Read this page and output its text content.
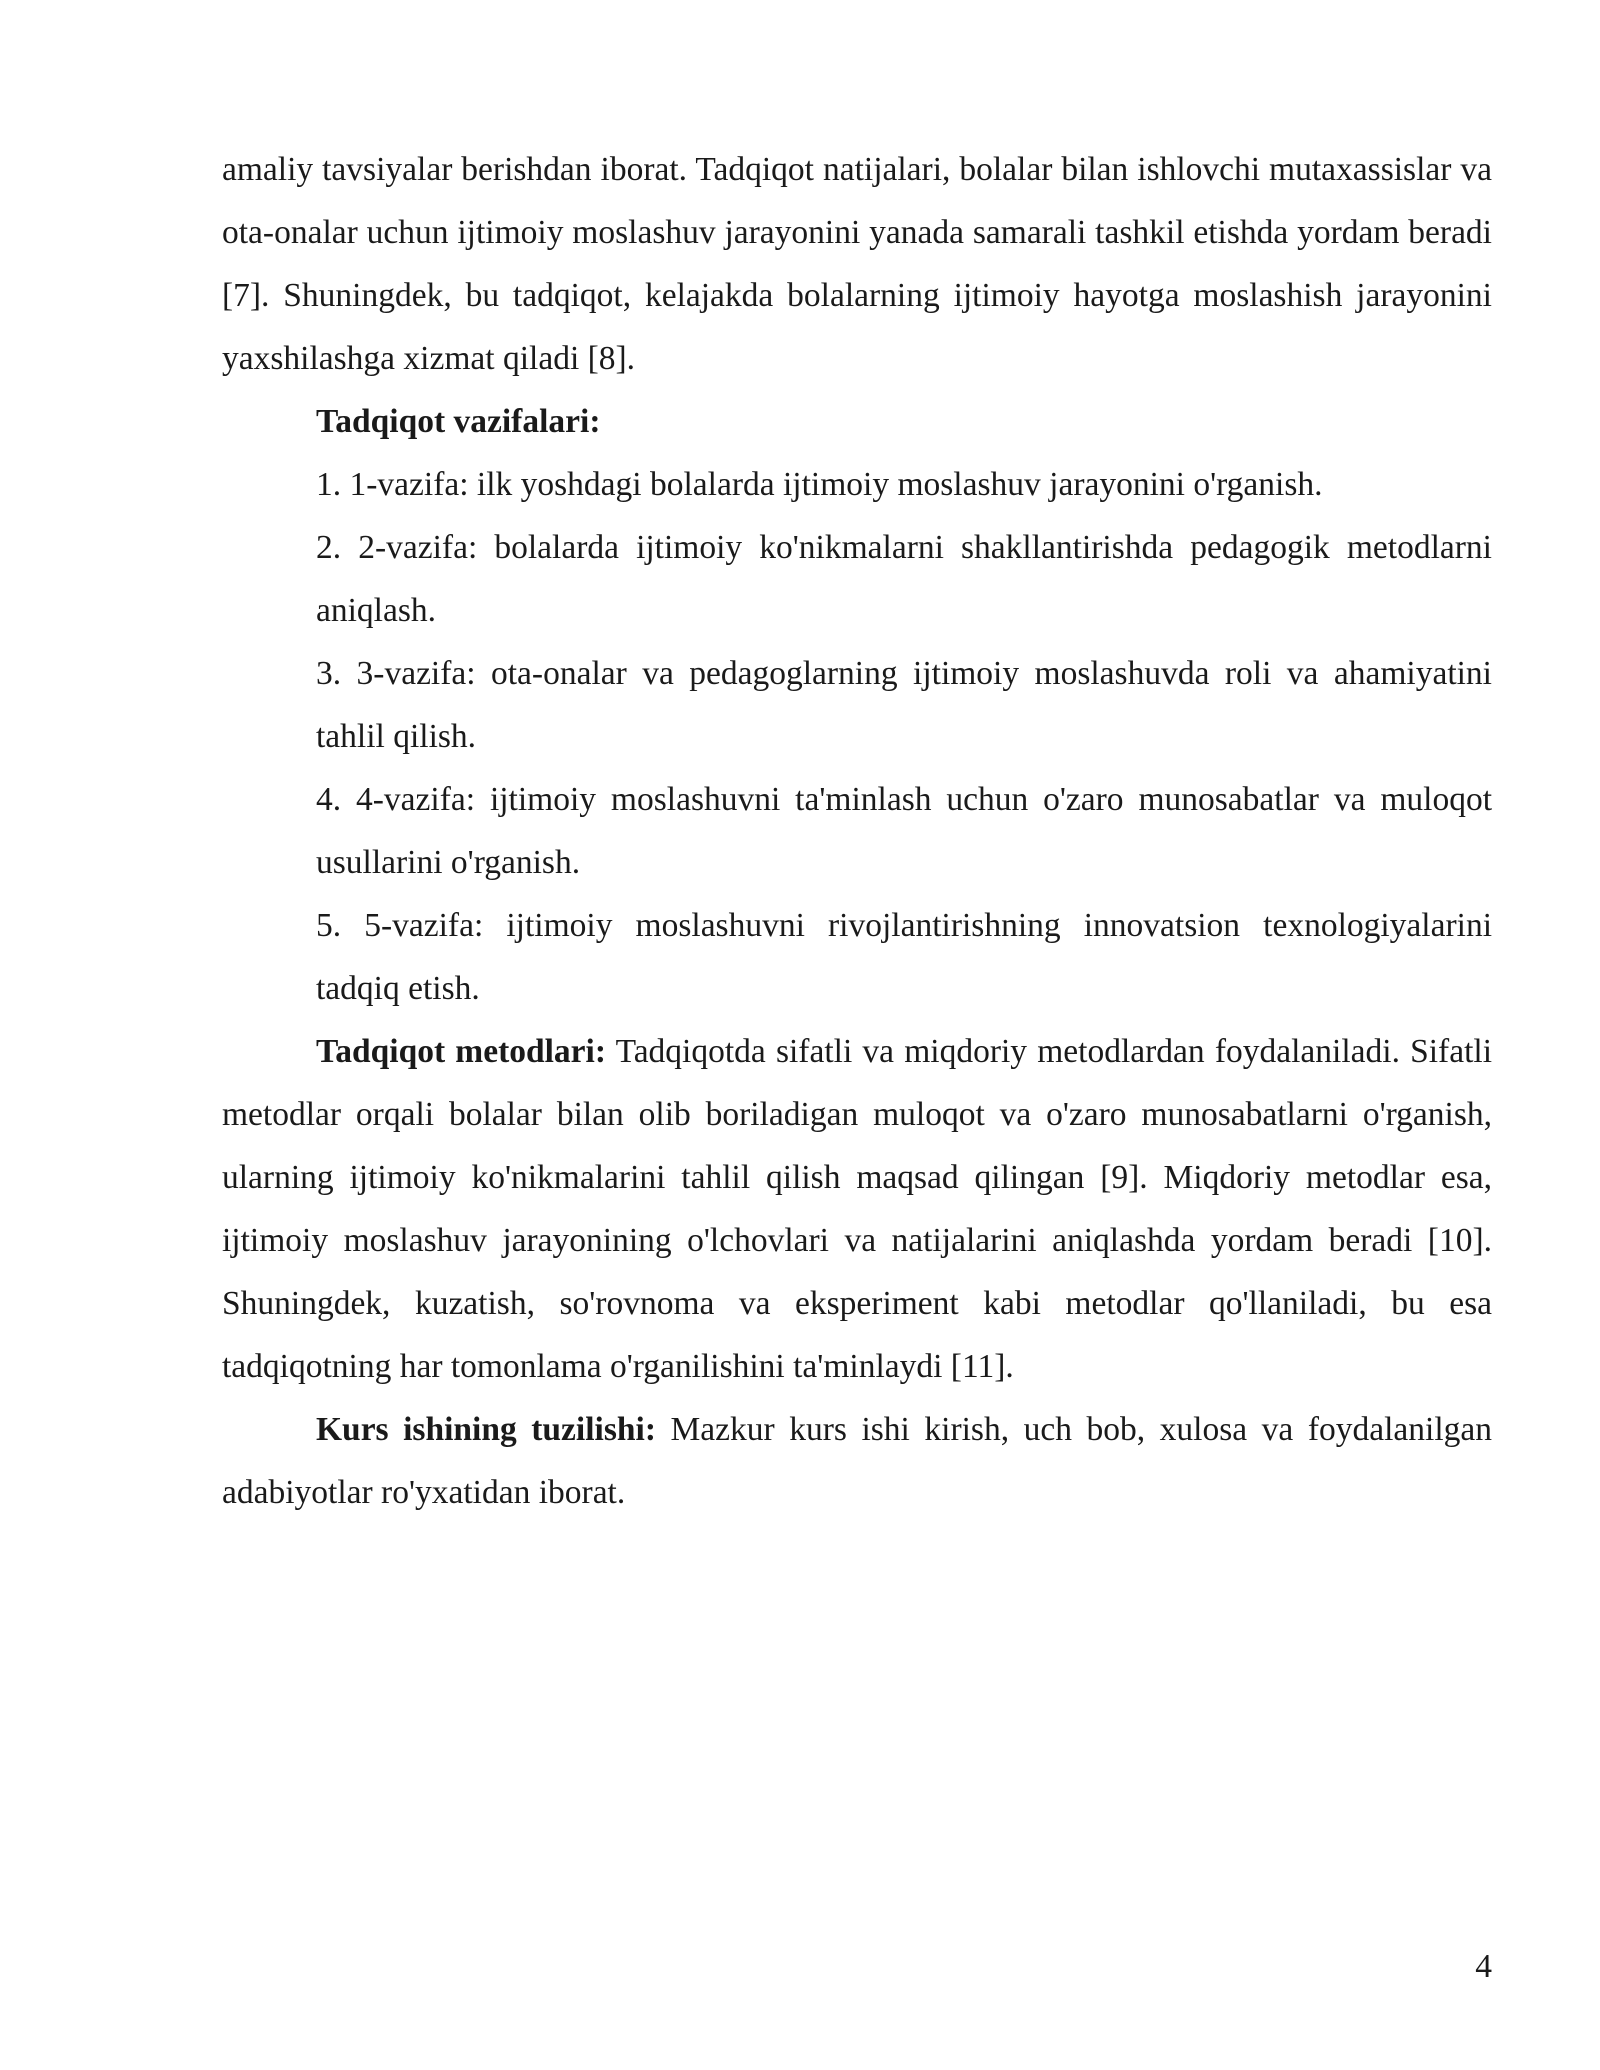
amaliy tavsiyalar berishdan iborat. Tadqiqot natijalari, bolalar bilan ishlovchi mutaxassislar va ota-onalar uchun ijtimoiy moslashuv jarayonini yanada samarali tashkil etishda yordam beradi [7]. Shuningdek, bu tadqiqot, kelajakda bolalarning ijtimoiy hayotga moslashish jarayonini yaxshilashga xizmat qiladi [8].

Tadqiqot vazifalari:

1. 1-vazifa: ilk yoshdagi bolalarda ijtimoiy moslashuv jarayonini o'rganish.

2. 2-vazifa: bolalarda ijtimoiy ko'nikmalarni shakllantirishda pedagogik metodlarni aniqlash.

3. 3-vazifa: ota-onalar va pedagoglarning ijtimoiy moslashuvda roli va ahamiyatini tahlil qilish.

4. 4-vazifa: ijtimoiy moslashuvni ta'minlash uchun o'zaro munosabatlar va muloqot usullarini o'rganish.

5. 5-vazifa: ijtimoiy moslashuvni rivojlantirishning innovatsion texnologiyalarini tadqiq etish.

Tadqiqot metodlari: Tadqiqotda sifatli va miqdoriy metodlardan foydalaniladi. Sifatli metodlar orqali bolalar bilan olib boriladigan muloqot va o'zaro munosabatlarni o'rganish, ularning ijtimoiy ko'nikmalarini tahlil qilish maqsad qilingan [9]. Miqdoriy metodlar esa, ijtimoiy moslashuv jarayonining o'lchovlari va natijalarini aniqlashda yordam beradi [10]. Shuningdek, kuzatish, so'rovnoma va eksperiment kabi metodlar qo'llaniladi, bu esa tadqiqotning har tomonlama o'rganilishini ta'minlaydi [11].

Kurs ishining tuzilishi: Mazkur kurs ishi kirish, uch bob, xulosa va foydalanilgan adabiyotlar ro'yxatidan iborat.

4
